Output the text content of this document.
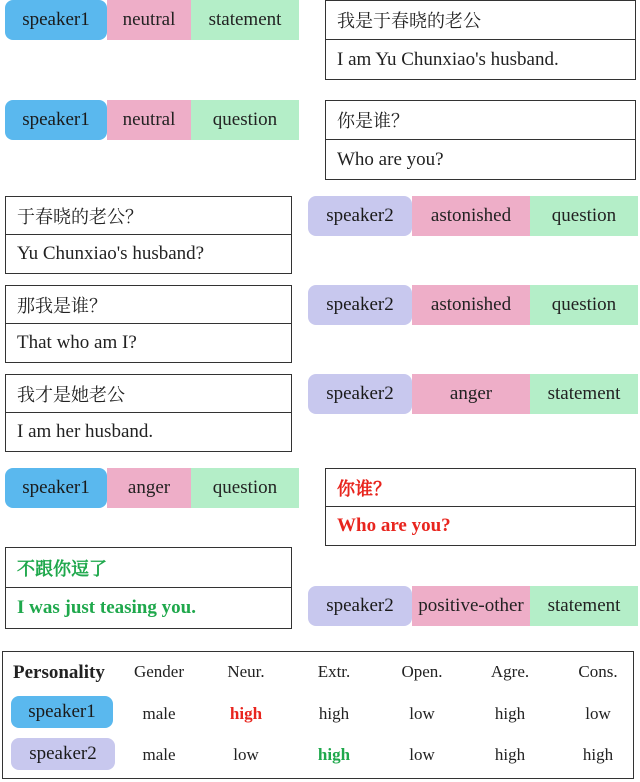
speaker1	neutral	statement	我是于春晓的老公
I am Yu Chunxiao's husband.
speaker1	neutral	question	你是谁？
Who are you?
于春晓的老公？
Yu Chunxiao's husband?
speaker2	astonished	question
那我是谁？
That who am I?
speaker2	astonished	question
我才是她老公
I am her husband.
speaker2	anger	statement
speaker1	anger	question	你谁？
Who are you?
不跟你逗了
I was just teasing you.	speaker2	positive-other	statement
Personality	Gender	Neur.	Extr.	Open.	Agre.	Cons.
speaker1	male	high	high	low	high	low
speaker2	male	low	high	low	high	high
